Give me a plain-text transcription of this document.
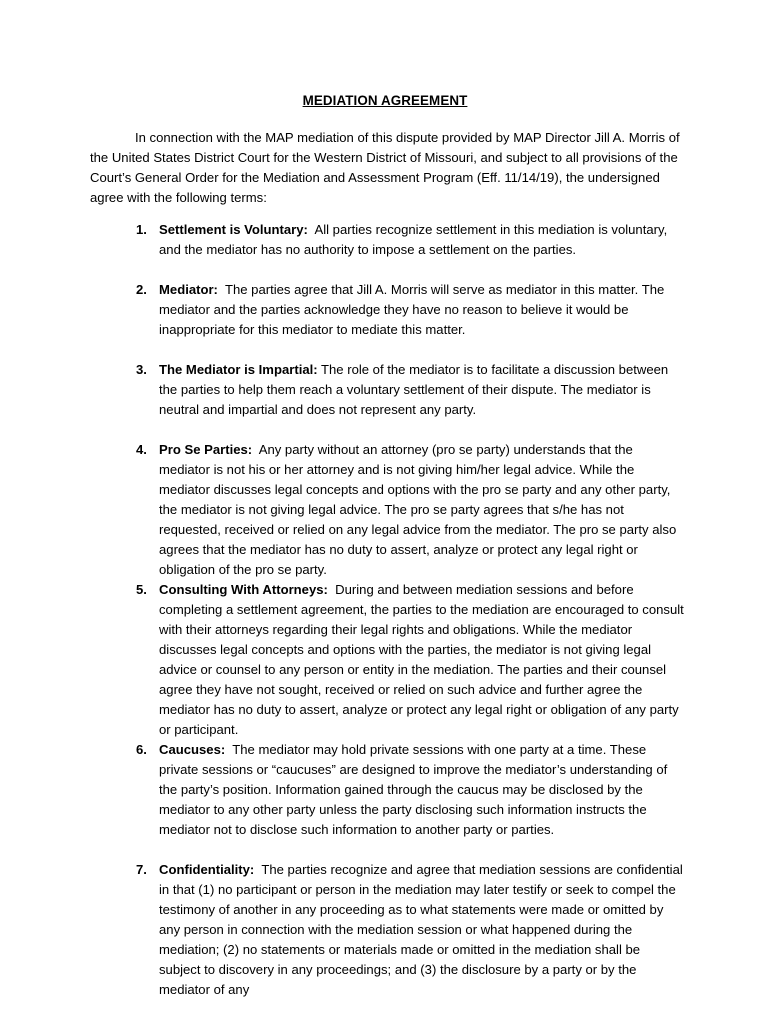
MEDIATION AGREEMENT

In connection with the MAP mediation of this dispute provided by MAP Director Jill A. Morris of the United States District Court for the Western District of Missouri, and subject to all provisions of the Court’s General Order for the Mediation and Assessment Program (Eff. 11/14/19), the undersigned agree with the following terms:

1. Settlement is Voluntary: All parties recognize settlement in this mediation is voluntary, and the mediator has no authority to impose a settlement on the parties.
2. Mediator: The parties agree that Jill A. Morris will serve as mediator in this matter. The mediator and the parties acknowledge they have no reason to believe it would be inappropriate for this mediator to mediate this matter.
3. The Mediator is Impartial: The role of the mediator is to facilitate a discussion between the parties to help them reach a voluntary settlement of their dispute. The mediator is neutral and impartial and does not represent any party.
4. Pro Se Parties: Any party without an attorney (pro se party) understands that the mediator is not his or her attorney and is not giving him/her legal advice. While the mediator discusses legal concepts and options with the pro se party and any other party, the mediator is not giving legal advice. The pro se party agrees that s/he has not requested, received or relied on any legal advice from the mediator. The pro se party also agrees that the mediator has no duty to assert, analyze or protect any legal right or obligation of the pro se party.
5. Consulting With Attorneys: During and between mediation sessions and before completing a settlement agreement, the parties to the mediation are encouraged to consult with their attorneys regarding their legal rights and obligations. While the mediator discusses legal concepts and options with the parties, the mediator is not giving legal advice or counsel to any person or entity in the mediation. The parties and their counsel agree they have not sought, received or relied on such advice and further agree the mediator has no duty to assert, analyze or protect any legal right or obligation of any party or participant.
6. Caucuses: The mediator may hold private sessions with one party at a time. These private sessions or “caucuses” are designed to improve the mediator’s understanding of the party’s position. Information gained through the caucus may be disclosed by the mediator to any other party unless the party disclosing such information instructs the mediator not to disclose such information to another party or parties.
7. Confidentiality: The parties recognize and agree that mediation sessions are confidential in that (1) no participant or person in the mediation may later testify or seek to compel the testimony of another in any proceeding as to what statements were made or omitted by any person in connection with the mediation session or what happened during the mediation; (2) no statements or materials made or omitted in the mediation shall be subject to discovery in any proceedings; and (3) the disclosure by a party or by the mediator of any
